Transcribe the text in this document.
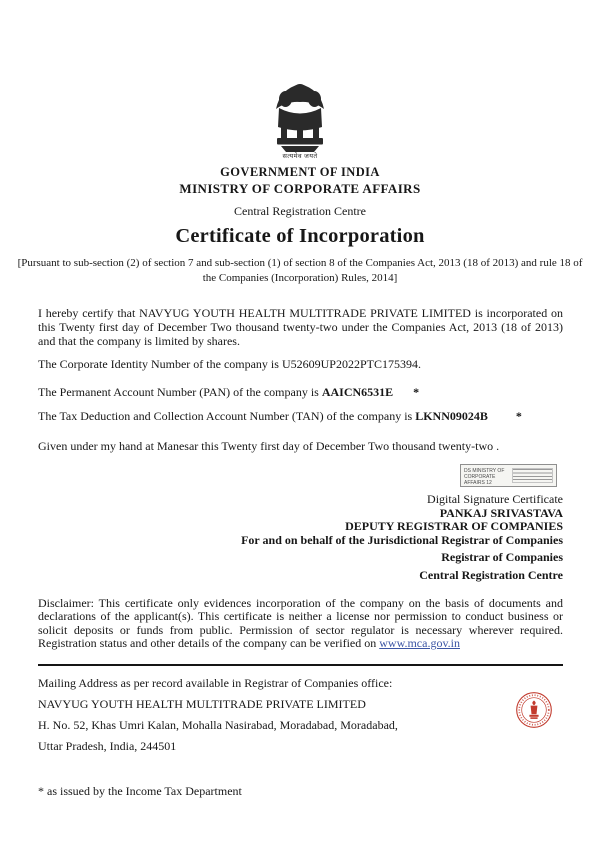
सत्यमेव जयते
GOVERNMENT OF INDIA
MINISTRY OF CORPORATE AFFAIRS
Central Registration Centre
Certificate of Incorporation
[Pursuant to sub-section (2) of section 7 and sub-section (1) of section 8 of the Companies Act, 2013 (18 of 2013) and rule 18 of the Companies (Incorporation) Rules, 2014]

I hereby certify that NAVYUG YOUTH HEALTH MULTITRADE PRIVATE LIMITED is incorporated on this Twenty first day of December Two thousand twenty-two under the Companies Act, 2013 (18 of 2013) and that the company is limited by shares.

The Corporate Identity Number of the company is U52609UP2022PTC175394.

The Permanent Account Number (PAN) of the company is AAICN6531E *

The Tax Deduction and Collection Account Number (TAN) of the company is LKNN09024B *

Given under my hand at Manesar this Twenty first day of December Two thousand twenty-two .

DS MINISTRY OF CORPORATE AFFAIRS 12
Digital Signature Certificate
PANKAJ SRIVASTAVA
DEPUTY REGISTRAR OF COMPANIES
For and on behalf of the Jurisdictional Registrar of Companies
Registrar of Companies
Central Registration Centre

Disclaimer: This certificate only evidences incorporation of the company on the basis of documents and declarations of the applicant(s). This certificate is neither a license nor permission to conduct business or solicit deposits or funds from public. Permission of sector regulator is necessary wherever required. Registration status and other details of the company can be verified on www.mca.gov.in

Mailing Address as per record available in Registrar of Companies office:

NAVYUG YOUTH HEALTH MULTITRADE PRIVATE LIMITED

H. No. 52, Khas Umri Kalan, Mohalla Nasirabad, Moradabad, Moradabad,

Uttar Pradesh, India, 244501

* as issued by the Income Tax Department
